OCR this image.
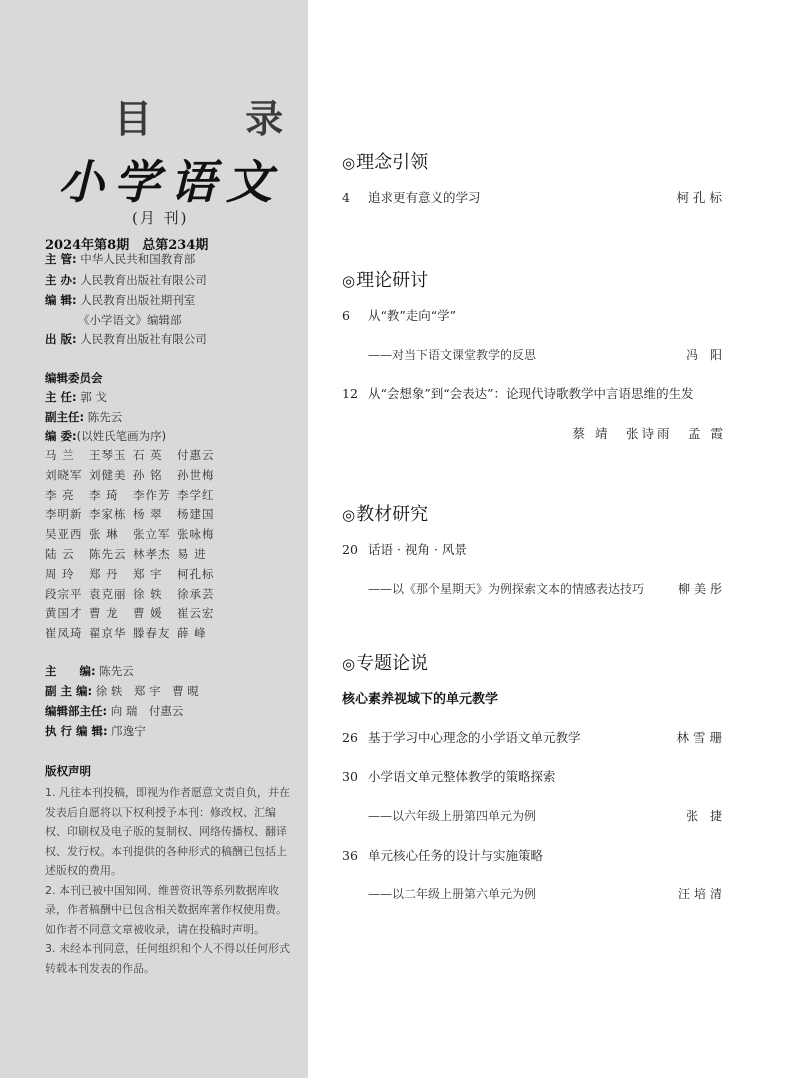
目 录
小学语文
(月 刊)
2024年第8期　总第234期
主 管: 中华人民共和国教育部
主 办: 人民教育出版社有限公司
编 辑: 人民教育出版社期刊室
《小学语文》编辑部
出 版: 人民教育出版社有限公司
编辑委员会
主 任: 郭 戈
副主任: 陈先云
编 委:(以姓氏笔画为序)
马 兰	王琴玉 石 英	付惠云
刘晓军 刘健美 孙 铭	孙世梅
李 亮	李 琦	李作芳 李学红
李明新 李家栋 杨 翠	杨建国
吴亚西 张 琳	张立军 张咏梅
陆 云	陈先云 林孝杰 易 进
周 玲	郑 丹	郑 宇	柯孔标
段宗平 袁克丽 徐 轶	徐承芸
黄国才 曹 龙	曹 媛	崔云宏
崔凤琦 翟京华 滕春友 薛 峰
主　　编: 陈先云
副 主 编: 徐 轶　郑 宇　曹 晛
编辑部主任: 向 瑞　付惠云
执 行 编 辑: 邝逸宁
版权声明

1. 凡往本刊投稿，即视为作者愿意文责自负，并在发表后自愿将以下权利授予本刊：修改权、汇编权、印刷权及电子版的复制权、网络传播权、翻译权、发行权。本刊提供的各种形式的稿酬已包括上述版权的费用。

2. 本刊已被中国知网、维普资讯等系列数据库收录，作者稿酬中已包含相关数据库著作权使用费。如作者不同意文章被收录，请在投稿时声明。

3. 未经本刊同意，任何组织和个人不得以任何形式转载本刊发表的作品。

◎理念引领
4 追求更有意义的学习	柯孔标
◎理论研讨
6 从“教”走向“学”
——对当下语文课堂教学的反思	冯 阳
12 从“会想象”到“会表达”：论现代诗歌教学中言语思维的生发
蔡 靖　张诗雨　孟 霞
◎教材研究
20 话语 · 视角 · 风景
——以《那个星期天》为例探索文本的情感表达技巧	柳美彤
◎专题论说
核心素养视域下的单元教学
26 基于学习中心理念的小学语文单元教学	林雪珊
30 小学语文单元整体教学的策略探索
——以六年级上册第四单元为例	张 捷
36 单元核心任务的设计与实施策略
——以二年级上册第六单元为例	汪培清
